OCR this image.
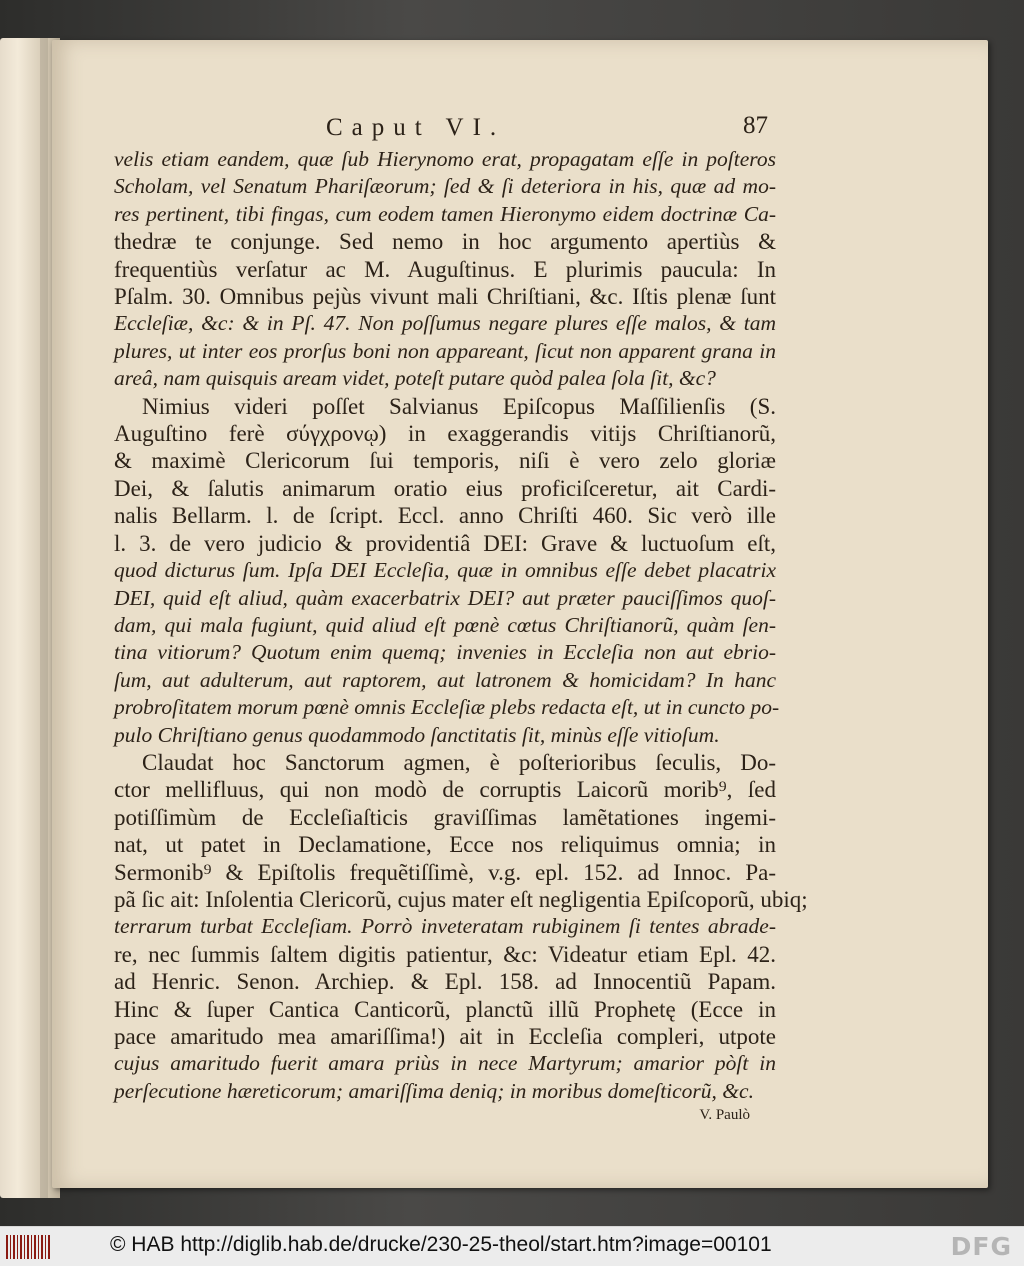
Caput VI.	87
velis etiam eandem, quæ ſub Hierynomo erat, propagatam eſſe in poſteros
Scholam, vel Senatum Phariſæorum; ſed & ſi deteriora in his, quæ ad mo-
res pertinent, tibi fingas, cum eodem tamen Hieronymo eidem doctrinæ Ca-
thedræ te conjunge. Sed nemo in hoc argumento apertiùs &
frequentiùs verſatur ac M. Auguſtinus. E plurimis paucula: In
Pſalm. 30. Omnibus pejùs vivunt mali Chriſtiani, &c. Iſtis plenæ ſunt
Eccleſiæ, &c: & in Pſ. 47. Non poſſumus negare plures eſſe malos, & tam
plures, ut inter eos prorſus boni non appareant, ſicut non apparent grana in
areâ, nam quisquis aream videt, poteſt putare quòd palea ſola ſit, &c?
Nimius videri poſſet Salvianus Epiſcopus Maſſilienſis (S.
Auguſtino ferè σύγχρονῳ) in exaggerandis vitijs Chriſtianorũ,
& maximè Clericorum ſui temporis, niſi è vero zelo gloriæ
Dei, & ſalutis animarum oratio eius proficiſceretur, ait Cardi-
nalis Bellarm. l. de ſcript. Eccl. anno Chriſti 460. Sic verò ille
l. 3. de vero judicio & providentiâ DEI: Grave & luctuoſum eſt,
quod dicturus ſum. Ipſa DEI Eccleſia, quæ in omnibus eſſe debet placatrix
DEI, quid eſt aliud, quàm exacerbatrix DEI? aut præter pauciſſimos quoſ-
dam, qui mala fugiunt, quid aliud eſt pœnè cœtus Chriſtianorũ, quàm ſen-
tina vitiorum? Quotum enim quemq; invenies in Eccleſia non aut ebrio-
ſum, aut adulterum, aut raptorem, aut latronem & homicidam? In hanc
probroſitatem morum pœnè omnis Eccleſiæ plebs redacta eſt, ut in cuncto po-
pulo Chriſtiano genus quodammodo ſanctitatis ſit, minùs eſſe vitioſum.
Claudat hoc Sanctorum agmen, è poſterioribus ſeculis, Do-
ctor mellifluus, qui non modò de corruptis Laicorũ morib⁹, ſed
potiſſimùm de Eccleſiaſticis graviſſimas lamẽtationes ingemi-
nat, ut patet in Declamatione, Ecce nos reliquimus omnia; in
Sermonib⁹ & Epiſtolis frequẽtiſſimè, v.g. epl. 152. ad Innoc. Pa-
pã ſic ait: Inſolentia Clericorũ, cujus mater eſt negligentia Epiſcoporũ, ubiq;
terrarum turbat Eccleſiam. Porrò inveteratam rubiginem ſi tentes abrade-
re, nec ſummis ſaltem digitis patientur, &c: Videatur etiam Epl. 42.
ad Henric. Senon. Archiep. & Epl. 158. ad Innocentiũ Papam.
Hinc & ſuper Cantica Canticorũ, planctũ illũ Prophetę (Ecce in
pace amaritudo mea amariſſima!) ait in Eccleſia compleri, utpote
cujus amaritudo fuerit amara priùs in nece Martyrum; amarior pòſt in
perſecutione hæreticorum; amariſſima deniq; in moribus domeſticorũ, &c.
V. Paulò
© HAB http://diglib.hab.de/drucke/230-25-theol/start.htm?image=00101	DFG
